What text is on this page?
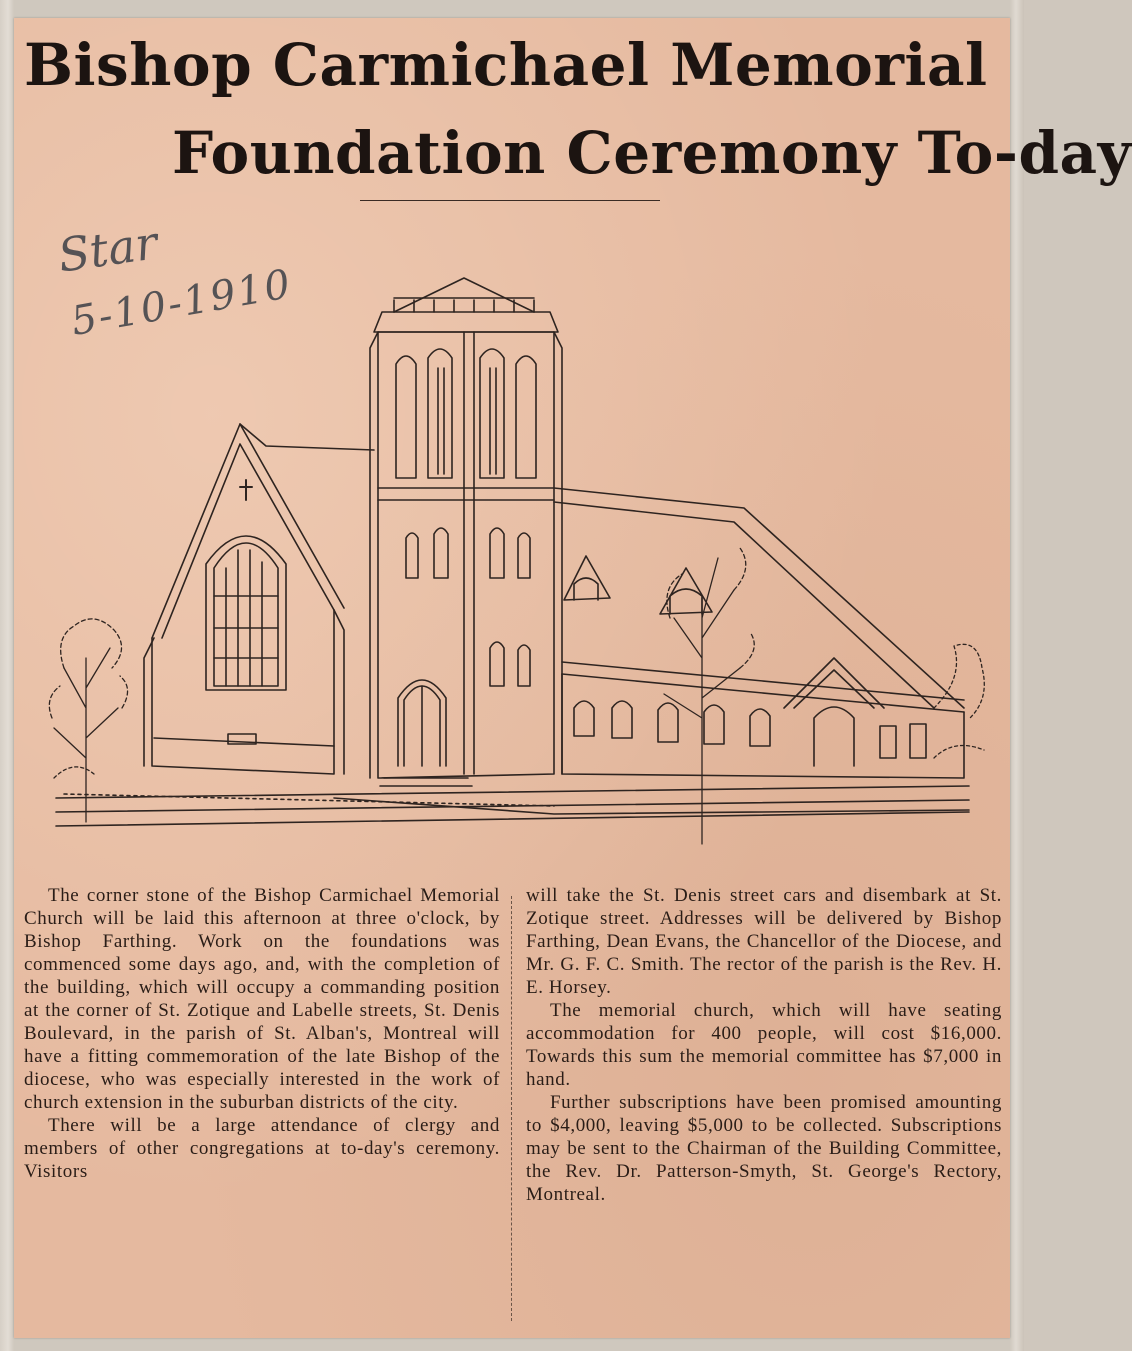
Bishop Carmichael Memorial
Foundation Ceremony To-day
Star
5-10-1910

The corner stone of the Bishop Carmichael Memorial Church will be laid this afternoon at three o'clock, by Bishop Farthing. Work on the foundations was commenced some days ago, and, with the completion of the building, which will occupy a commanding position at the corner of St. Zotique and Labelle streets, St. Denis Boulevard, in the parish of St. Alban's, Montreal will have a fitting commemoration of the late Bishop of the diocese, who was especially interested in the work of church extension in the suburban districts of the city.

There will be a large attendance of clergy and members of other congregations at to-day's ceremony. Visitors

will take the St. Denis street cars and disembark at St. Zotique street. Addresses will be delivered by Bishop Farthing, Dean Evans, the Chancellor of the Diocese, and Mr. G. F. C. Smith. The rector of the parish is the Rev. H. E. Horsey.

The memorial church, which will have seating accommodation for 400 people, will cost $16,000. Towards this sum the memorial committee has $7,000 in hand.

Further subscriptions have been promised amounting to $4,000, leaving $5,000 to be collected. Subscriptions may be sent to the Chairman of the Building Committee, the Rev. Dr. Patterson-Smyth, St. George's Rectory, Montreal.
